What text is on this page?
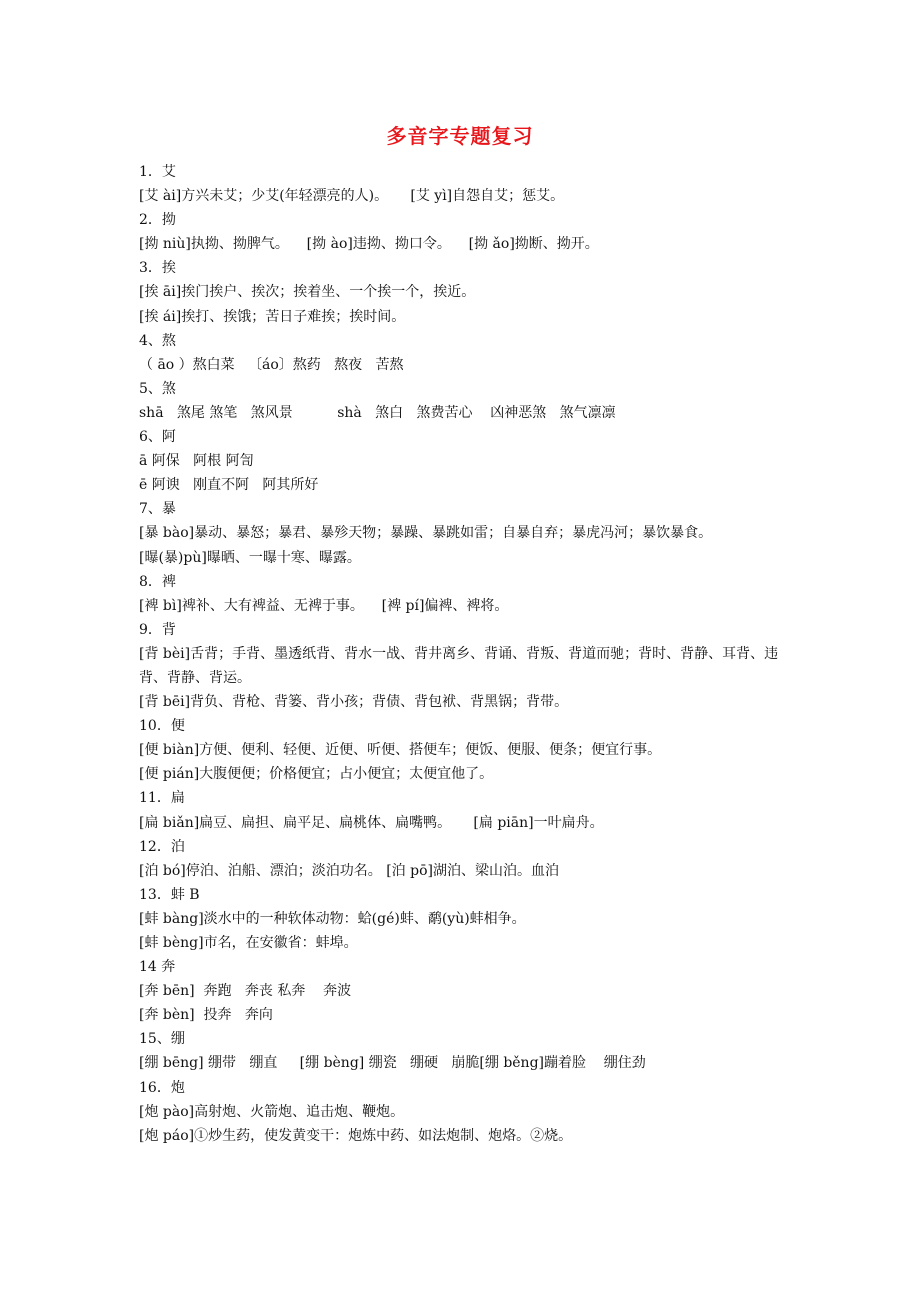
多音字专题复习
1．艾
[艾 ài]方兴未艾；少艾(年轻漂亮的人)。     [艾 yì]自怨自艾；惩艾。
2．拗
[拗 niù]执拗、拗脾气。    [拗 ào]违拗、拗口令。    [拗 ǎo]拗断、拗开。
3．挨
[挨 āi]挨门挨户、挨次；挨着坐、一个挨一个，挨近。
[挨 ái]挨打、挨饿；苦日子难挨；挨时间。
4、熬
（ āo ）熬白菜   〔áo〕熬药   熬夜   苦熬
5、煞
shā   煞尾 煞笔   煞风景          shà   煞白   煞费苦心    凶神恶煞   煞气凛凛
6、阿
ā 阿保   阿根 阿訇
ē 阿谀   刚直不阿   阿其所好
7、暴
[暴 bào]暴动、暴怒；暴君、暴殄天物；暴躁、暴跳如雷；自暴自弃；暴虎冯河；暴饮暴食。
[曝(暴)pù]曝晒、一曝十寒、曝露。
8．裨
[裨 bì]裨补、大有裨益、无裨于事。    [裨 pí]偏裨、裨将。
9．背
[背 bèi]舌背；手背、墨透纸背、背水一战、背井离乡、背诵、背叛、背道而驰；背时、背静、耳背、违背、背静、背运。
[背 bēi]背负、背枪、背篓、背小孩；背债、背包袱、背黑锅；背带。
10．便
[便 biàn]方便、便利、轻便、近便、听便、搭便车；便饭、便服、便条；便宜行事。
[便 pián]大腹便便；价格便宜；占小便宜；太便宜他了。
11．扁
[扁 biǎn]扁豆、扁担、扁平足、扁桃体、扁嘴鸭。     [扁 piān]一叶扁舟。
12．泊
[泊 bó]停泊、泊船、漂泊；淡泊功名。 [泊 pō]湖泊、梁山泊。血泊
13．蚌 B
[蚌 bàng]淡水中的一种软体动物：蛤(gé)蚌、鹬(yù)蚌相争。
[蚌 bèng]市名，在安徽省：蚌埠。
14 奔
[奔 bēn]  奔跑   奔丧 私奔    奔波
[奔 bèn]  投奔   奔向
15、绷
[绷 bēng] 绷带   绷直     [绷 bèng] 绷瓷   绷硬   崩脆[绷 běng]蹦着脸    绷住劲
16．炮
[炮 pào]高射炮、火箭炮、追击炮、鞭炮。
[炮 páo]①炒生药，使发黄变干：炮炼中药、如法炮制、炮烙。②烧。
